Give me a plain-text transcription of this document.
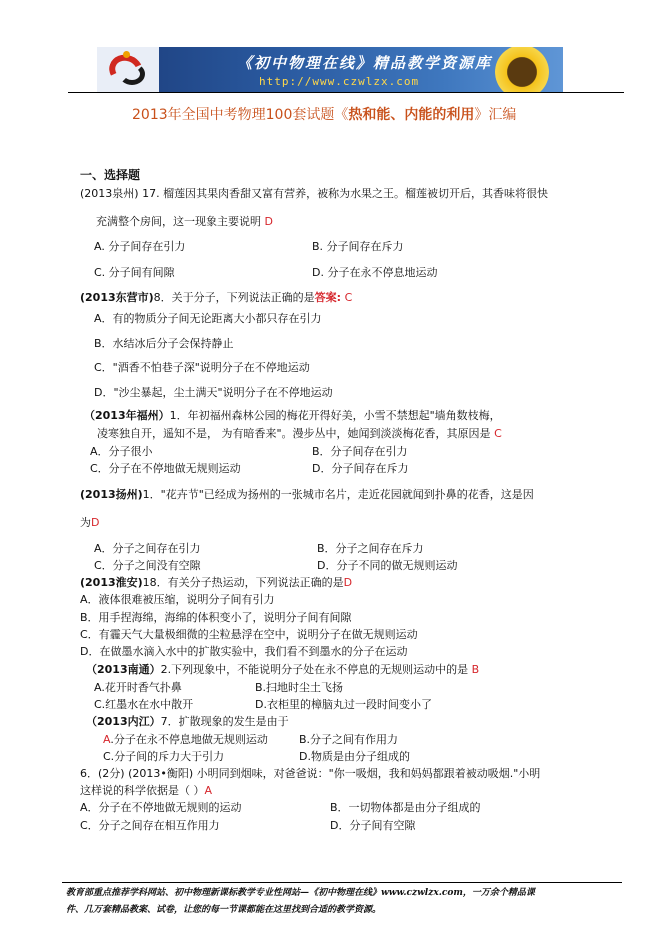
《初中物理在线》精品教学资源库
http://www.czwlzx.com
2013年全国中考物理100套试题《热和能、内能的利用》汇编
一、选择题
(2013泉州) 17. 榴莲因其果肉香甜又富有营养，被称为水果之王。榴莲被切开后，其香味将很快
充满整个房间，这一现象主要说明 D
A. 分子间存在引力	B. 分子间存在斥力
C. 分子间有间隙	D. 分子在永不停息地运动
(2013东营市)8．关于分子，下列说法正确的是答案: C
A．有的物质分子间无论距离大小都只存在引力
B．水结冰后分子会保持静止
C．"酒香不怕巷子深"说明分子在不停地运动
D．"沙尘暴起，尘土满天"说明分子在不停地运动
（2013年福州）1．年初福州森林公园的梅花开得好美，小雪不禁想起"墙角数枝梅，
凌寒独自开，遥知不是， 为有暗香来"。漫步丛中，她闻到淡淡梅花香，其原因是 C
A．分子很小	B．分子间存在引力
C．分子在不停地做无规则运动	D．分子间存在斥力
(2013扬州)1．"花卉节"已经成为扬州的一张城市名片，走近花园就闻到扑鼻的花香，这是因
为D
A．分子之间存在引力	B．分子之间存在斥力
C．分子之间没有空隙	D．分子不同的做无规则运动
(2013淮安)18．有关分子热运动，下列说法正确的是D
A．液体很难被压缩，说明分子间有引力
B．用手捏海绵，海绵的体积变小了，说明分子间有间隙
C．有霾天气大量极细微的尘粒悬浮在空中，说明分子在做无规则运动
D．在做墨水滴入水中的扩散实验中，我们看不到墨水的分子在运动
（2013南通）2.下列现象中，不能说明分子处在永不停息的无规则运动中的是 B
A.花开时香气扑鼻	B.扫地时尘土飞扬
C.红墨水在水中散开	D.衣柜里的樟脑丸过一段时间变小了
（2013内江）7．扩散现象的发生是由于
A.分子在永不停息地做无规则运动	B.分子之间有作用力
C.分子间的斥力大于引力	D.物质是由分子组成的
6．(2分) (2013•衡阳) 小明同到烟味，对爸爸说："你一吸烟，我和妈妈都跟着被动吸烟."小明
这样说的科学依据是（ ）A
A．分子在不停地做无规则的运动	B．一切物体都是由分子组成的
C．分子之间存在相互作用力	D．分子间有空隙
教育部重点推荐学科网站、初中物理新课标教学专业性网站—《初中物理在线》www.czwlzx.com，一万余个精品课
件、几万套精品教案、试卷，让您的每一节课都能在这里找到合适的教学资源。
